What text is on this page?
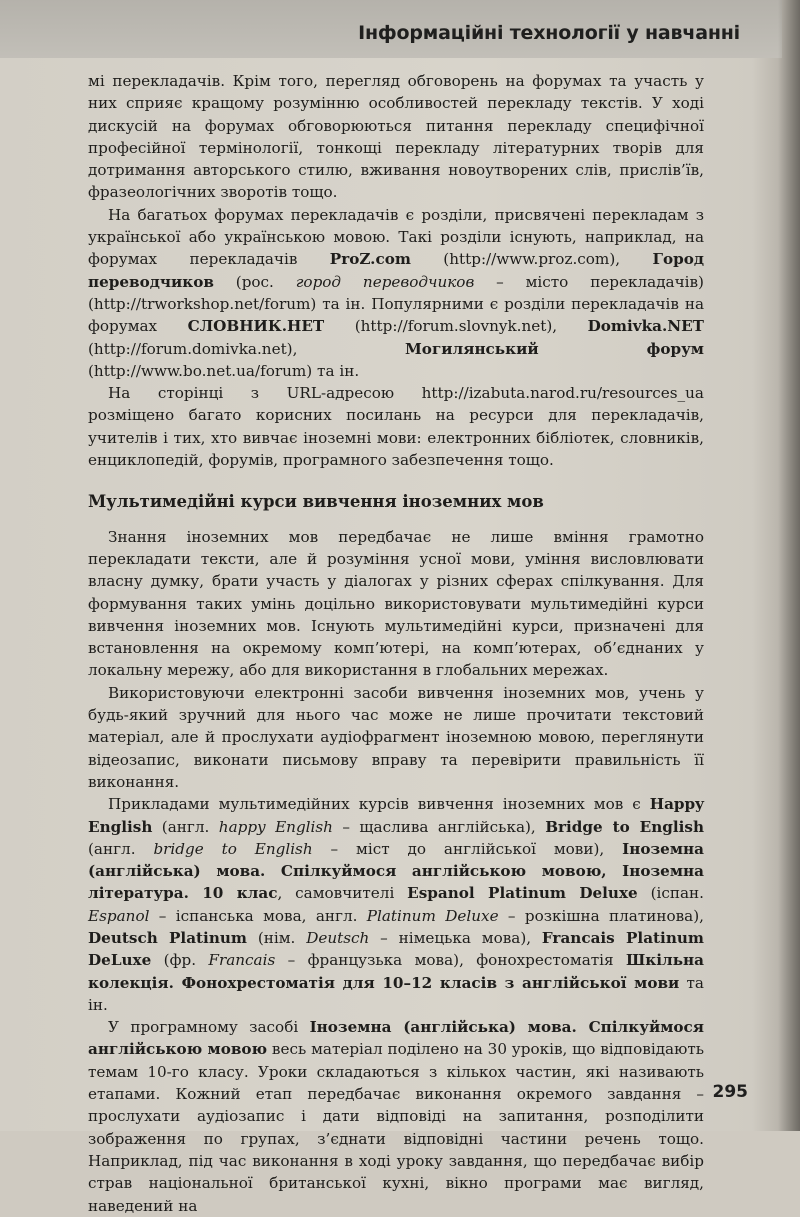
Інформаційні технології у навчанні

мі перекладачів. Крім того, перегляд обговорень на форумах та участь у них сприяє кращому розумінню особливостей перекладу текстів. У ході дискусій на форумах обговорюються питання перекладу специфічної професійної термінології, тонкощі перекладу літературних творів для дотримання авторського стилю, вживання новоутворених слів, прислів’їв, фразеологічних зворотів тощо.

На багатьох форумах перекладачів є розділи, присвячені перекладам з української або українською мовою. Такі розділи існують, наприклад, на форумах перекладачів ProZ.com (http://www.proz.com), Город переводчиков (рос. город переводчиков – місто перекладачів) (http://trworkshop.net/forum) та ін. Популярними є розділи перекладачів на форумах СЛОВНИК.НЕТ (http://forum.slovnyk.net), Domivka.NET (http://forum.domivka.net), Могилянський форум (http://www.bo.net.ua/forum) та ін.

На сторінці з URL-адресою http://izabuta.narod.ru/resources_ua розміщено багато корисних посилань на ресурси для перекладачів, учителів і тих, хто вивчає іноземні мови: електронних бібліотек, словників, енциклопедій, форумів, програмного забезпечення тощо.

Мультимедійні курси вивчення іноземних мов

Знання іноземних мов передбачає не лише вміння грамотно перекладати тексти, але й розуміння усної мови, уміння висловлювати власну думку, брати участь у діалогах у різних сферах спілкування. Для формування таких умінь доцільно використовувати мультимедійні курси вивчення іноземних мов. Існують мультимедійні курси, призначені для встановлення на окремому комп’ютері, на комп’ютерах, об’єднаних у локальну мережу, або для використання в глобальних мережах.

Використовуючи електронні засоби вивчення іноземних мов, учень у будь-який зручний для нього час може не лише прочитати текстовий матеріал, але й прослухати аудіофрагмент іноземною мовою, переглянути відеозапис, виконати письмову вправу та перевірити правильність її виконання.

Прикладами мультимедійних курсів вивчення іноземних мов є Happy English (англ. happy English – щаслива англійська), Bridge to English (англ. bridge to English – міст до англійської мови), Іноземна (англійська) мова. Спілкуймося англійською мовою, Іноземна література. 10 клас, самовчителі Espanol Platinum Deluxe (іспан. Espanol – іспанська мова, англ. Platinum Deluxe – розкішна платинова), Deutsch Platinum (нім. Deutsch – німецька мова), Francais Platinum DeLuxe (фр. Francais – французька мова), фонохрестоматія Шкільна колекція. Фонохрестоматія для 10–12 класів з англійської мови та ін.

У програмному засобі Іноземна (англійська) мова. Спілкуймося англійською мовою весь матеріал поділено на 30 уроків, що відповідають темам 10-го класу. Уроки складаються з кількох частин, які називають етапами. Кожний етап передбачає виконання окремого завдання – прослухати аудіозапис і дати відповіді на запитання, розподілити зображення по групах, з’єднати відповідні частини речень тощо. Наприклад, під час виконання в ході уроку завдання, що передбачає вибір страв національної британської кухні, вікно програми має вигляд, наведений на

295
